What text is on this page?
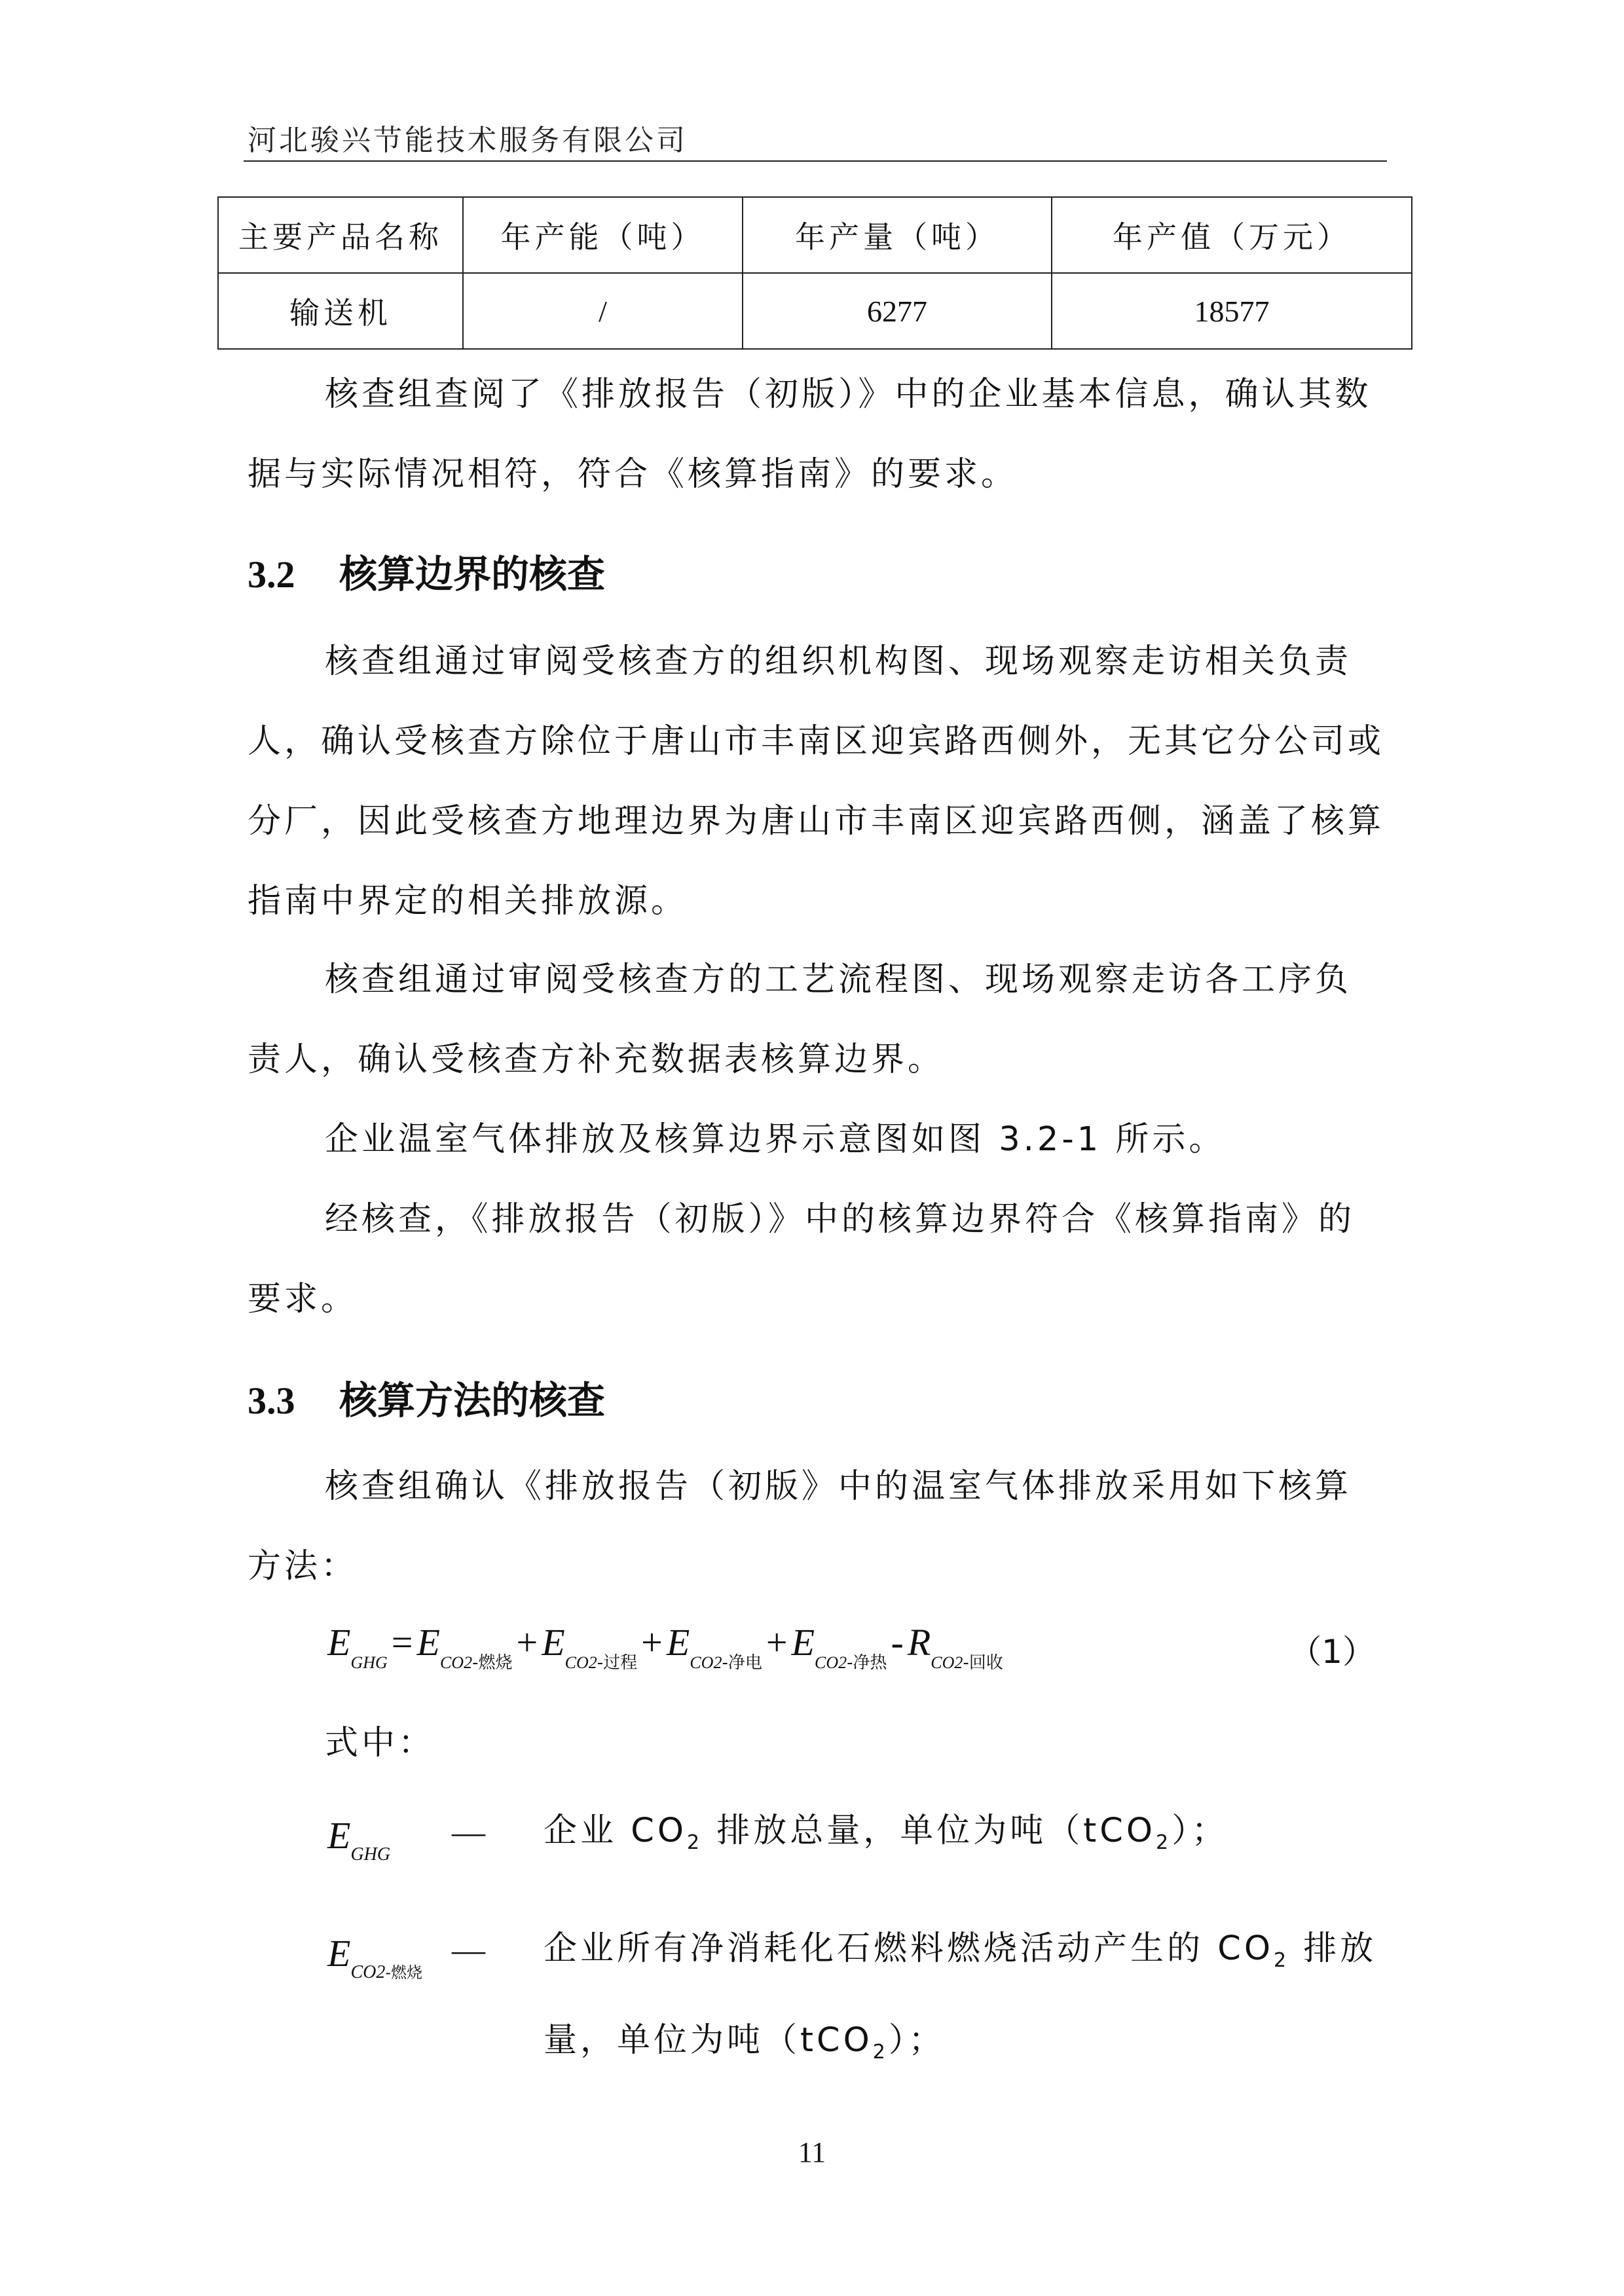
河北骏兴节能技术服务有限公司
主要产品名称	年产能（吨）	年产量（吨）	年产值（万元）
输送机	/	6277	18577
核查组查阅了《排放报告（初版）》中的企业基本信息，确认其数据与实际情况相符，符合《核算指南》的要求。
3.2 核算边界的核查
核查组通过审阅受核查方的组织机构图、现场观察走访相关负责人，确认受核查方除位于唐山市丰南区迎宾路西侧外，无其它分公司或分厂，因此受核查方地理边界为唐山市丰南区迎宾路西侧，涵盖了核算指南中界定的相关排放源。
核查组通过审阅受核查方的工艺流程图、现场观察走访各工序负责人，确认受核查方补充数据表核算边界。
企业温室气体排放及核算边界示意图如图 3.2-1 所示。
经核查，《排放报告（初版）》中的核算边界符合《核算指南》的要求。
3.3 核算方法的核查
核查组确认《排放报告（初版》中的温室气体排放采用如下核算方法：
$E_{GHG} = E_{CO2-燃烧} + E_{CO2-过程} + E_{CO2-净电} + E_{CO2-净热} - R_{CO2-回收}$	（1）
式中：
$E_{GHG}$
— 企业 $CO_2$ 排放总量，单位为吨（tCO$_2$）；
$E_{CO2-燃烧}$
— 企业所有净消耗化石燃料燃烧活动产生的 $CO_2$ 排放量，单位为吨（tCO$_2$）；
11
